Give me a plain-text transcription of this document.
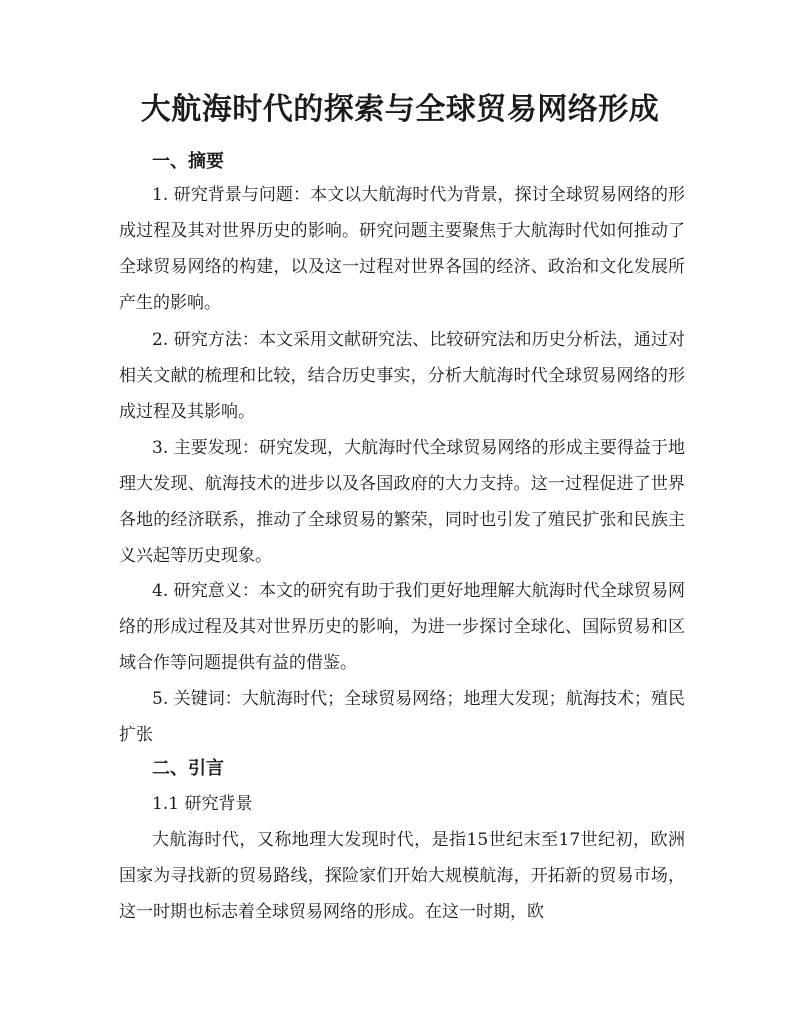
大航海时代的探索与全球贸易网络形成
一、摘要

1. 研究背景与问题：本文以大航海时代为背景，探讨全球贸易网络的形成过程及其对世界历史的影响。研究问题主要聚焦于大航海时代如何推动了全球贸易网络的构建，以及这一过程对世界各国的经济、政治和文化发展所产生的影响。

2. 研究方法：本文采用文献研究法、比较研究法和历史分析法，通过对相关文献的梳理和比较，结合历史事实，分析大航海时代全球贸易网络的形成过程及其影响。

3. 主要发现：研究发现，大航海时代全球贸易网络的形成主要得益于地理大发现、航海技术的进步以及各国政府的大力支持。这一过程促进了世界各地的经济联系，推动了全球贸易的繁荣，同时也引发了殖民扩张和民族主义兴起等历史现象。

4. 研究意义：本文的研究有助于我们更好地理解大航海时代全球贸易网络的形成过程及其对世界历史的影响，为进一步探讨全球化、国际贸易和区域合作等问题提供有益的借鉴。

5. 关键词：大航海时代；全球贸易网络；地理大发现；航海技术；殖民扩张

二、引言

1.1 研究背景

大航海时代，又称地理大发现时代，是指15世纪末至17世纪初，欧洲国家为寻找新的贸易路线，探险家们开始大规模航海，开拓新的贸易市场，这一时期也标志着全球贸易网络的形成。在这一时期，欧
